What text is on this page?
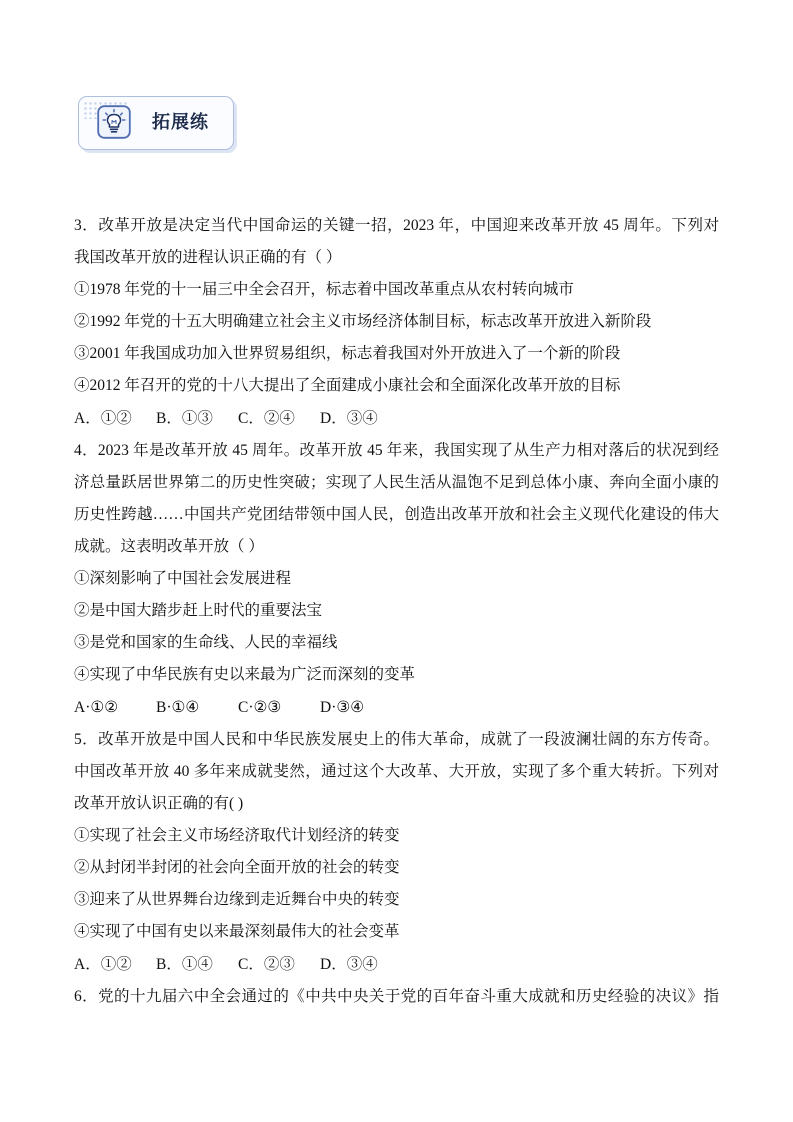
拓展练
3．改革开放是决定当代中国命运的关键一招，2023 年，中国迎来改革开放 45 周年。下列对
我国改革开放的进程认识正确的有（ ）
①1978 年党的十一届三中全会召开，标志着中国改革重点从农村转向城市
②1992 年党的十五大明确建立社会主义市场经济体制目标，标志改革开放进入新阶段
③2001 年我国成功加入世界贸易组织，标志着我国对外开放进入了一个新的阶段
④2012 年召开的党的十八大提出了全面建成小康社会和全面深化改革开放的目标
A．①② B．①③ C．②④ D．③④
4．2023 年是改革开放 45 周年。改革开放 45 年来，我国实现了从生产力相对落后的状况到经
济总量跃居世界第二的历史性突破；实现了人民生活从温饱不足到总体小康、奔向全面小康的
历史性跨越……中国共产党团结带领中国人民，创造出改革开放和社会主义现代化建设的伟大
成就。这表明改革开放（ ）
①深刻影响了中国社会发展进程
②是中国大踏步赶上时代的重要法宝
③是党和国家的生命线、人民的幸福线
④实现了中华民族有史以来最为广泛而深刻的变革
A·①② B·①④ C·②③ D·③④
5．改革开放是中国人民和中华民族发展史上的伟大革命，成就了一段波澜壮阔的东方传奇。
中国改革开放 40 多年来成就斐然，通过这个大改革、大开放，实现了多个重大转折。下列对
改革开放认识正确的有( )
①实现了社会主义市场经济取代计划经济的转变
②从封闭半封闭的社会向全面开放的社会的转变
③迎来了从世界舞台边缘到走近舞台中央的转变
④实现了中国有史以来最深刻最伟大的社会变革
A．①② B．①④ C．②③ D．③④
6．党的十九届六中全会通过的《中共中央关于党的百年奋斗重大成就和历史经验的决议》指
